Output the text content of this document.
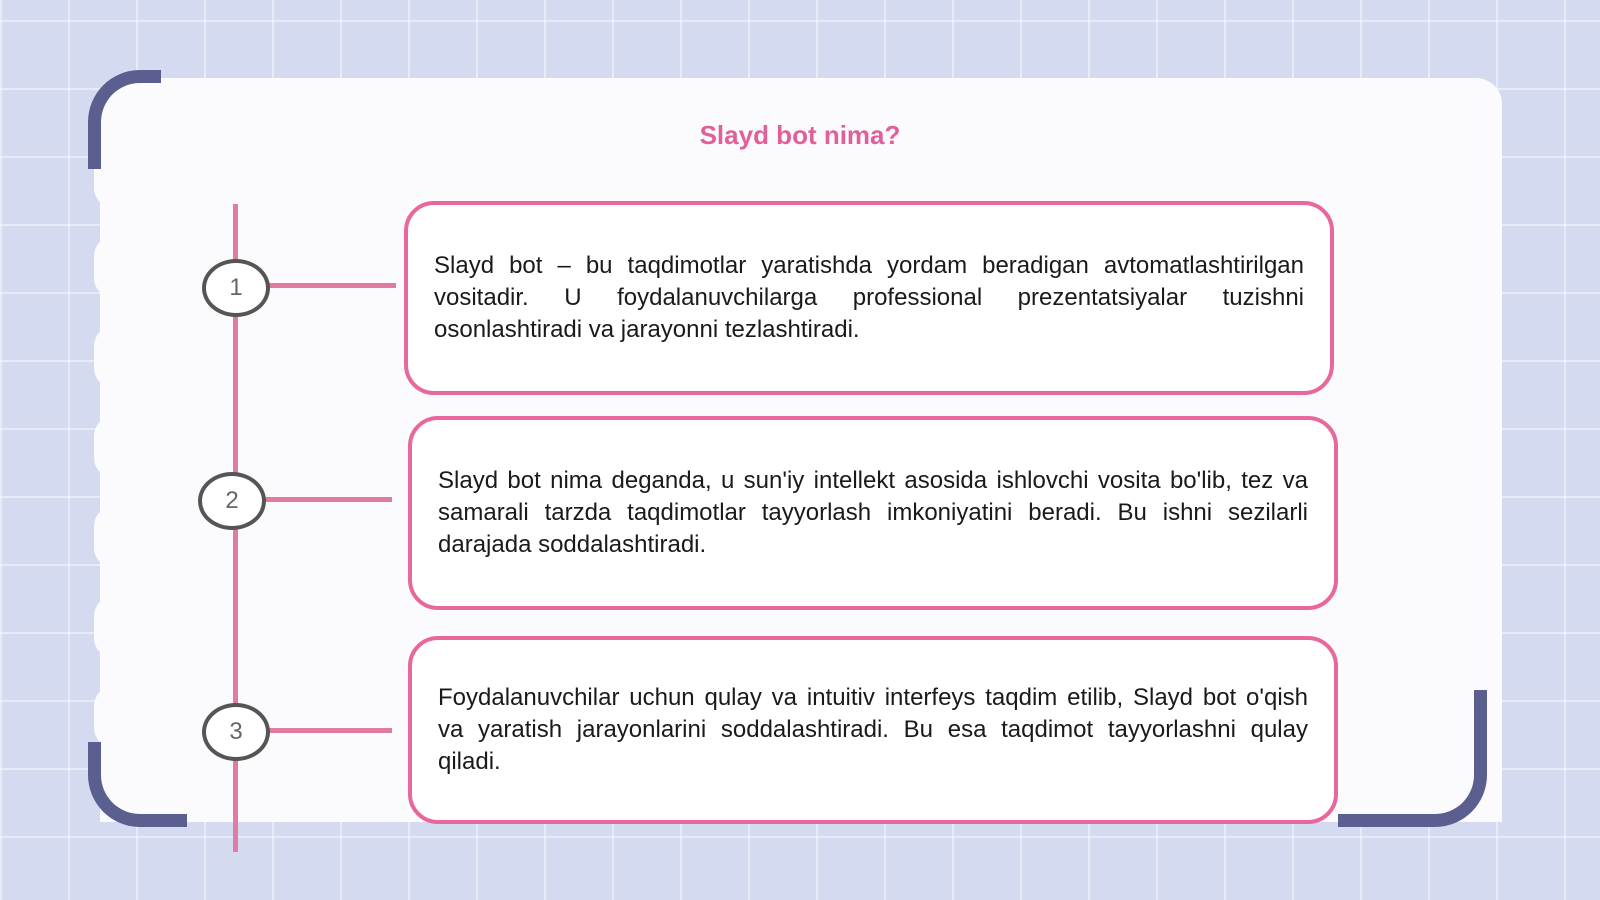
Slayd bot nima?
1
2
3

Slayd bot – bu taqdimotlar yaratishda yordam beradigan avtomatlashtirilgan vositadir. U foydalanuvchilarga professional prezentatsiyalar tuzishni osonlashtiradi va jarayonni tezlashtiradi.

Slayd bot nima deganda, u sun'iy intellekt asosida ishlovchi vosita bo'lib, tez va samarali tarzda taqdimotlar tayyorlash imkoniyatini beradi. Bu ishni sezilarli darajada soddalashtiradi.

Foydalanuvchilar uchun qulay va intuitiv interfeys taqdim etilib, Slayd bot o'qish va yaratish jarayonlarini soddalashtiradi. Bu esa taqdimot tayyorlashni qulay qiladi.
